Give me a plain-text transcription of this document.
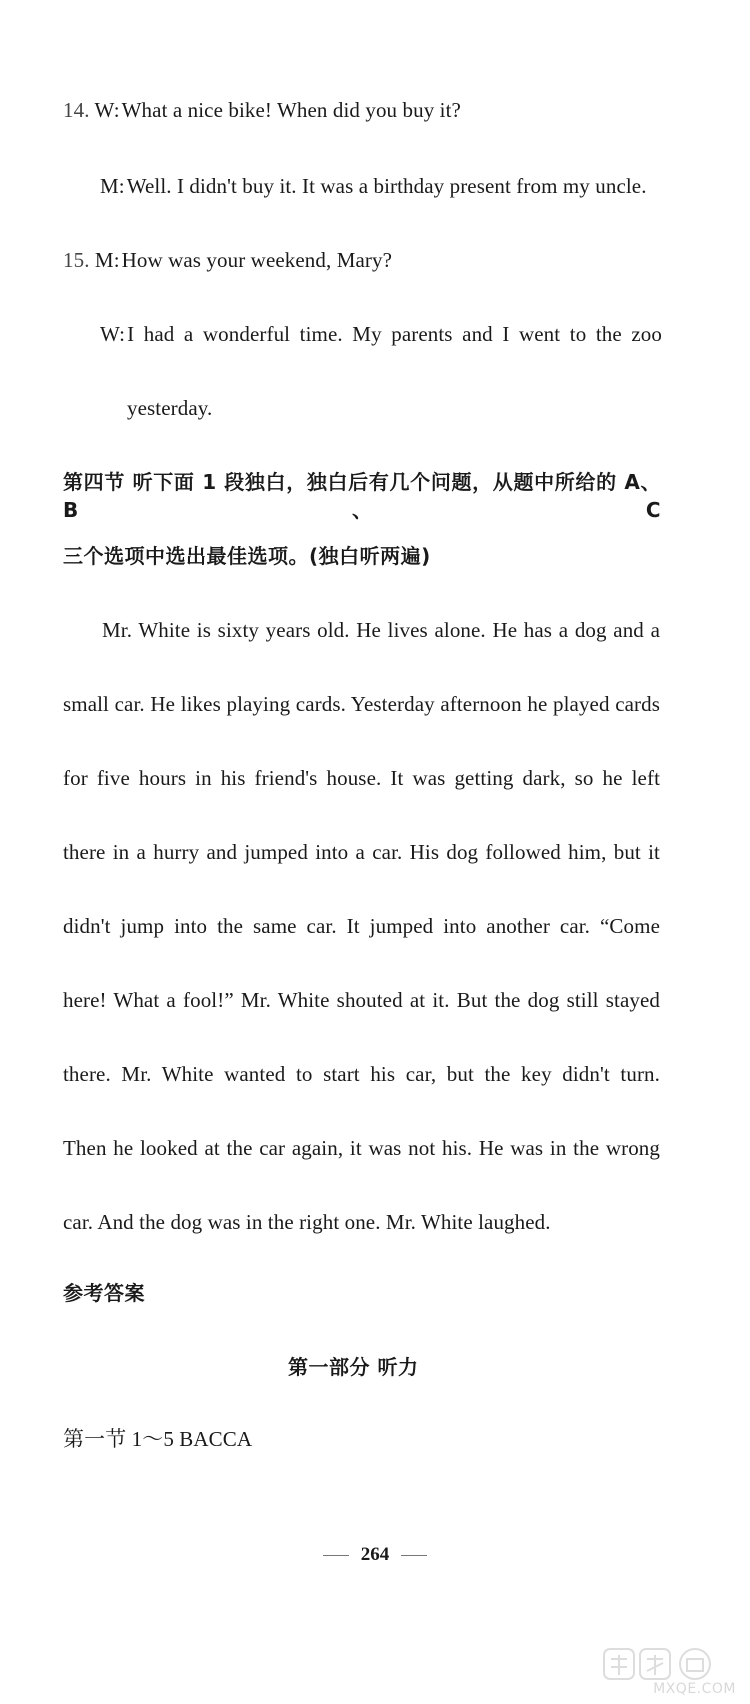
14. W:What a nice bike! When did you buy it?
M:Well. I didn't buy it. It was a birthday present from my uncle.
15. M:How was your weekend, Mary?
W:I had a wonderful time. My parents and I went to the zoo
yesterday.
第四节 听下面 1 段独白，独白后有几个问题，从题中所给的 A、B、C
三个选项中选出最佳选项。(独白听两遍)
Mr. White is sixty years old. He lives alone. He has a dog and a
small car. He likes playing cards. Yesterday afternoon he played cards
for five hours in his friend's house. It was getting dark, so he left
there in a hurry and jumped into a car. His dog followed him, but it
didn't jump into the same car. It jumped into another car. “Come
here! What a fool!” Mr. White shouted at it. But the dog still stayed
there. Mr. White wanted to start his car, but the key didn't turn.
Then he looked at the car again, it was not his. He was in the wrong
car. And the dog was in the right one. Mr. White laughed.
参考答案
第一部分 听力
第一节 1～5 BACCA
264
MXQE.COM
